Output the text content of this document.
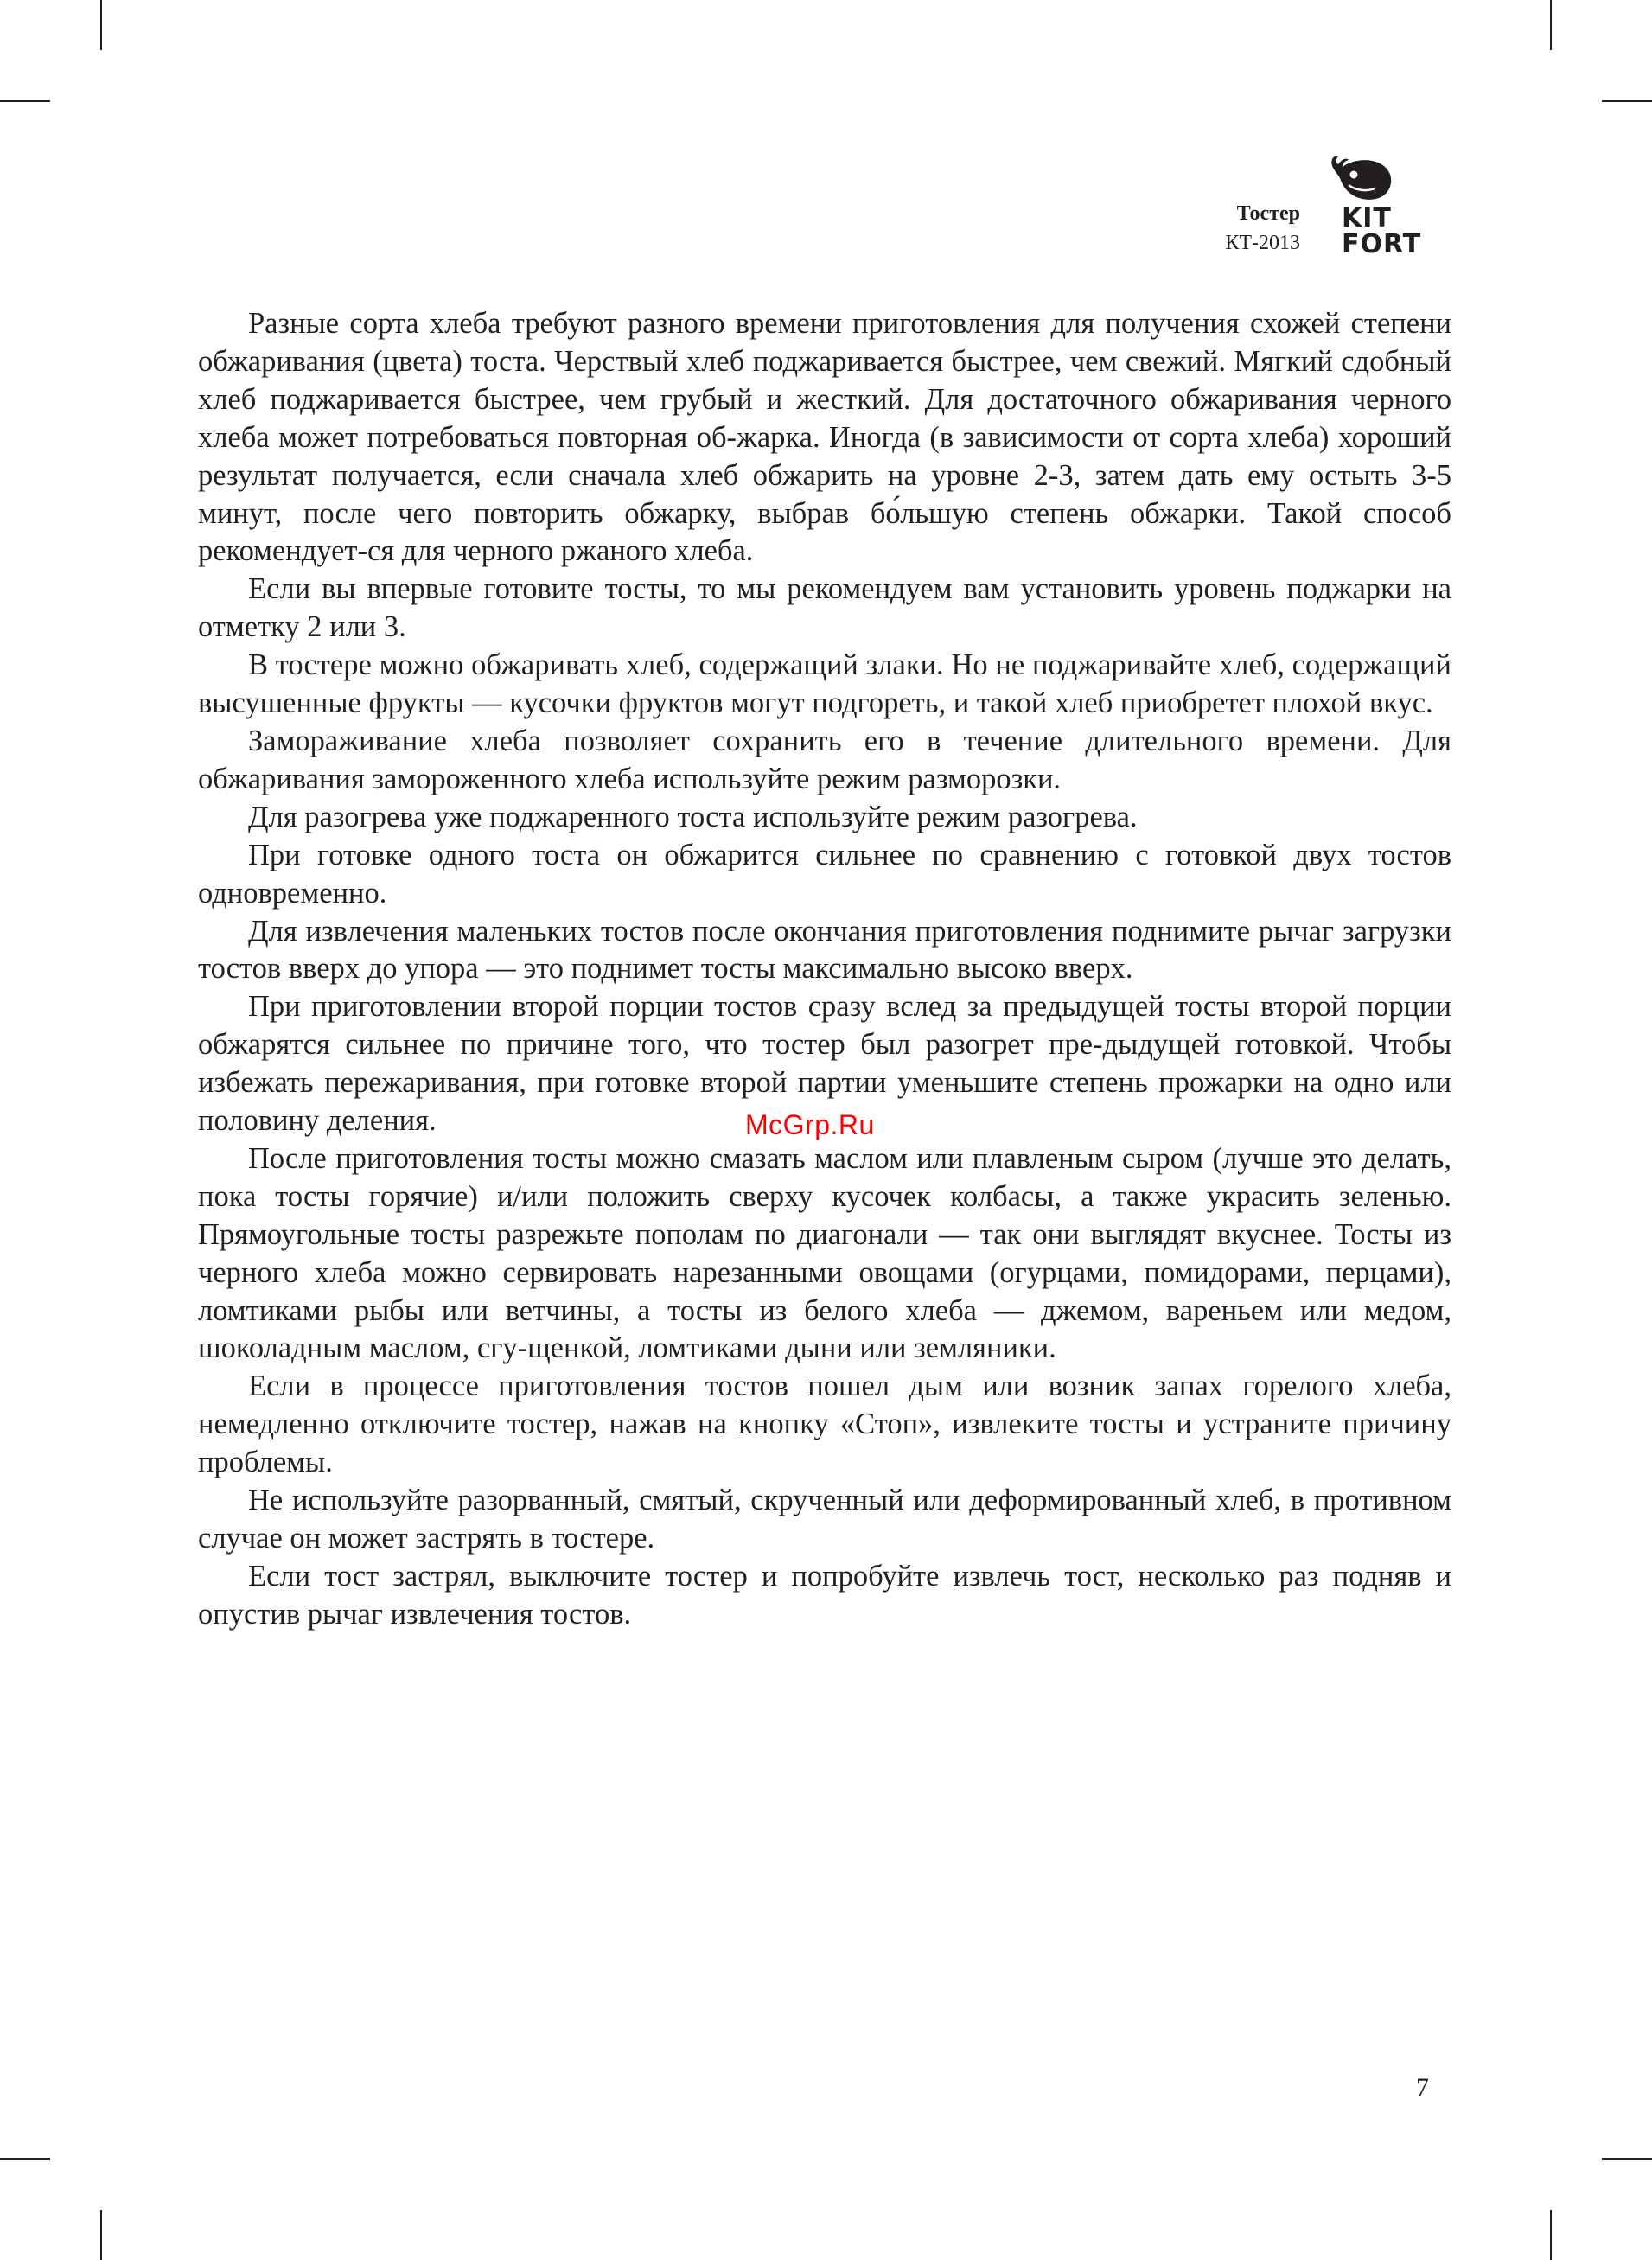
Тостер
КТ-2013
KIT
FORT

Разные сорта хлеба требуют разного времени приготовления для получения схожей степени обжаривания (цвета) тоста. Черствый хлеб поджаривается быстрее, чем свежий. Мягкий сдобный хлеб поджаривается быстрее, чем грубый и жесткий. Для достаточного обжаривания черного хлеба может потребоваться повторная об-жарка. Иногда (в зависимости от сорта хлеба) хороший результат получается, если сначала хлеб обжарить на уровне 2-3, затем дать ему остыть 3-5 минут, после чего повторить обжарку, выбрав бо́льшую степень обжарки. Такой способ рекомендует-ся для черного ржаного хлеба.

Если вы впервые готовите тосты, то мы рекомендуем вам установить уровень поджарки на отметку 2 или 3.

В тостере можно обжаривать хлеб, содержащий злаки. Но не поджаривайте хлеб, содержащий высушенные фрукты — кусочки фруктов могут подгореть, и такой хлеб приобретет плохой вкус.

Замораживание хлеба позволяет сохранить его в течение длительного времени. Для обжаривания замороженного хлеба используйте режим разморозки.

Для разогрева уже поджаренного тоста используйте режим разогрева.

При готовке одного тоста он обжарится сильнее по сравнению с готовкой двух тостов одновременно.

Для извлечения маленьких тостов после окончания приготовления поднимите рычаг загрузки тостов вверх до упора — это поднимет тосты максимально высоко вверх.

При приготовлении второй порции тостов сразу вслед за предыдущей тосты второй порции обжарятся сильнее по причине того, что тостер был разогрет пре-дыдущей готовкой. Чтобы избежать пережаривания, при готовке второй партии уменьшите степень прожарки на одно или половину деления.

После приготовления тосты можно смазать маслом или плавленым сыром (лучше это делать, пока тосты горячие) и/или положить сверху кусочек колбасы, а также украсить зеленью. Прямоугольные тосты разрежьте пополам по диагонали — так они выглядят вкуснее. Тосты из черного хлеба можно сервировать нарезанными овощами (огурцами, помидорами, перцами), ломтиками рыбы или ветчины, а тосты из белого хлеба — джемом, вареньем или медом, шоколадным маслом, сгу-щенкой, ломтиками дыни или земляники.

Если в процессе приготовления тостов пошел дым или возник запах горелого хлеба, немедленно отключите тостер, нажав на кнопку «Стоп», извлеките тосты и устраните причину проблемы.

Не используйте разорванный, смятый, скрученный или деформированный хлеб, в противном случае он может застрять в тостере.

Если тост застрял, выключите тостер и попробуйте извлечь тост, несколько раз подняв и опустив рычаг извлечения тостов.

McGrp.Ru
7
